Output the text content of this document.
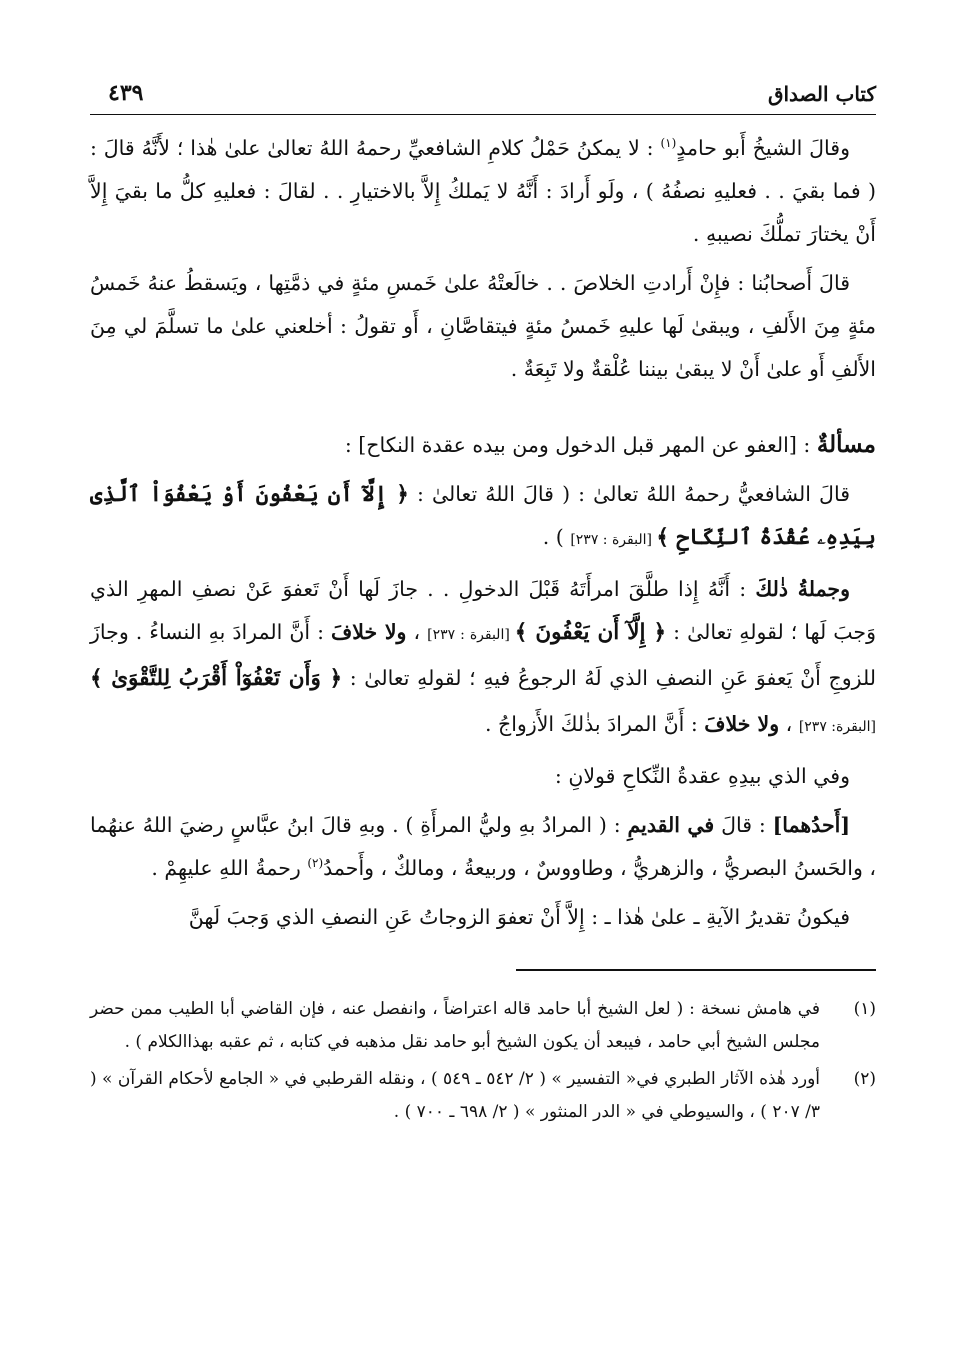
كتاب الصداق
٤٣٩

وقالَ الشيخُ أَبو حامدٍ$^{(١)}$ : لا يمكنُ حَمْلُ كلامِ الشافعيِّ رحمهُ اللهُ تعالىٰ علىٰ هٰذا ؛ لأَنَّهُ قالَ : ( فما بقيَ . . فعليهِ نصفُهُ ) ، ولَو أَرادَ : أَنَّهُ لا يَملكُ إِلاَّ بالاختيارِ . . لقالَ : فعليهِ كلُّ ما بقيَ إِلاَّ أَنْ يختارَ تملُّكَ نصيبهِ .

قالَ أَصحابُنا : فإِنْ أَرادتِ الخلاصَ . . خالَعتْهُ علىٰ خَمسِ مئةٍ في ذمَّتِها ، ويَسقطُ عنهُ خَمسُ مئةٍ مِنَ الأَلفِ ، ويبقىٰ لَها عليهِ خَمسُ مئةٍ فيتقاصَّانِ ، أَو تقولُ : أخلعني علىٰ ما تسلَّمَ لي مِنَ الأَلفِ أَو علىٰ أَنْ لا يبقىٰ بيننا عُلْقةٌ ولا تَبِعَةٌ .

مسألةٌ : [العفو عن المهر قبل الدخول ومن بيده عقدة النكاح] :

قالَ الشافعيُّ رحمهُ اللهُ تعالىٰ : ( قالَ اللهُ تعالىٰ : ﴿ إِلَّآ أَن يَعْفُونَ أَوْ يَعْفُوَاْ ٱلَّذِى بِيَدِهِۦ عُقْدَةُ ٱلنِّكَاحِ ﴾ [البقرة : ٢٣٧] ) .

وجملةُ ذٰلكَ : أَنَّهُ إِذا طلَّقَ امرأَتَهُ قَبْلَ الدخولِ . . جازَ لَها أَنْ تَعفوَ عَنْ نصفِ المهرِ الذي وَجبَ لَها ؛ لقولهِ تعالىٰ : ﴿ إِلَّآ أَن يَعْفُونَ ﴾ [البقرة : ٢٣٧] ، ولا خلافَ : أَنَّ المرادَ بهِ النساءُ . وجازَ للزوجِ أَنْ يَعفوَ عَنِ النصفِ الذي لَهُ الرجوعُ فيهِ ؛ لقولهِ تعالىٰ : ﴿ وَأَن تَعْفُوٓاْ أَقْرَبُ لِلتَّقْوَىٰ ﴾ [البقرة: ٢٣٧] ، ولا خلافَ : أَنَّ المرادَ بذٰلكَ الأَزواجُ .

وفي الذي بيدِهِ عقدةُ النِّكاحِ قولانِ :

[أَحدُهما] : قالَ في القديمِ : ( المرادُ بهِ وليُّ المرأَةِ ) . وبهِ قالَ ابنُ عبَّاسٍ رضيَ اللهُ عنهُما ، والحَسنُ البصريُّ ، والزهريُّ ، وطاووسٌ ، وربيعةُ ، ومالكٌ ، وأَحمدُ$^{(٢)}$ رحمةُ اللهِ عليهِمْ .

فيكونُ تقديرُ الآيةِ ـ علىٰ هٰذا ـ : إِلاَّ أَنْ تعفوَ الزوجاتُ عَنِ النصفِ الذي وَجبَ لَهنَّ

(١)
في هامش نسخة : ( لعل الشيخ أبا حامد قاله اعتراضاً ، وانفصل عنه ، فإن القاضي أبا الطيب ممن حضر مجلس الشيخ أبي حامد ، فيبعد أن يكون الشيخ أبو حامد نقل مذهبه في كتابه ، ثم عقبه بهذاالكلام ) .
(٢)
أورد هٰذه الآثار الطبري في« التفسير » ( ٢/ ٥٤٢ ـ ٥٤٩ ) ، ونقله القرطبي في « الجامع لأحكام القرآن » ( ٣/ ٢٠٧ ) ، والسيوطي في « الدر المنثور » ( ٢/ ٦٩٨ ـ ٧٠٠ ) .
